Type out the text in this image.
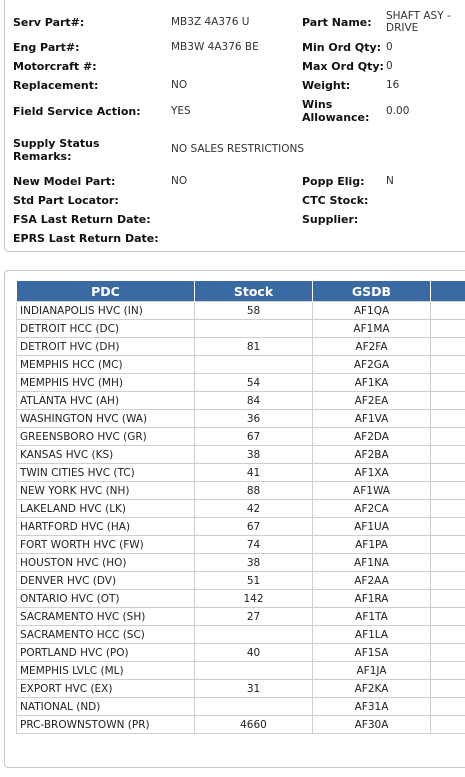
Serv Part#:	MB3Z 4A376 U	Part Name: SHAFT ASY -
DRIVE
Eng Part#:	MB3W 4A376 BE	Min Ord Qty: 0
Motorcraft #:	Max Ord Qty: 0
Replacement:	NO	Weight:	16
Field Service Action:	YES	Wins
Allowance: 0.00
Supply Status
Remarks:
NO SALES RESTRICTIONS
New Model Part:	NO	Popp Elig: N
Std Part Locator:	CTC Stock:
FSA Last Return Date:	Supplier:
EPRS Last Return Date:
PDC	Stock	GSDB	
INDIANAPOLIS HVC (IN)	58	AF1QA	
DETROIT HCC (DC)		AF1MA	
DETROIT HVC (DH)	81	AF2FA	
MEMPHIS HCC (MC)		AF2GA	
MEMPHIS HVC (MH)	54	AF1KA	
ATLANTA HVC (AH)	84	AF2EA	
WASHINGTON HVC (WA)	36	AF1VA	
GREENSBORO HVC (GR)	67	AF2DA	
KANSAS HVC (KS)	38	AF2BA	
TWIN CITIES HVC (TC)	41	AF1XA	
NEW YORK HVC (NH)	88	AF1WA	
LAKELAND HVC (LK)	42	AF2CA	
HARTFORD HVC (HA)	67	AF1UA	
FORT WORTH HVC (FW)	74	AF1PA	
HOUSTON HVC (HO)	38	AF1NA	
DENVER HVC (DV)	51	AF2AA	
ONTARIO HVC (OT)	142	AF1RA	
SACRAMENTO HVC (SH)	27	AF1TA	
SACRAMENTO HCC (SC)		AF1LA	
PORTLAND HVC (PO)	40	AF1SA	
MEMPHIS LVLC (ML)		AF1JA	
EXPORT HVC (EX)	31	AF2KA	
NATIONAL (ND)		AF31A	
PRC-BROWNSTOWN (PR)	4660	AF30A	
